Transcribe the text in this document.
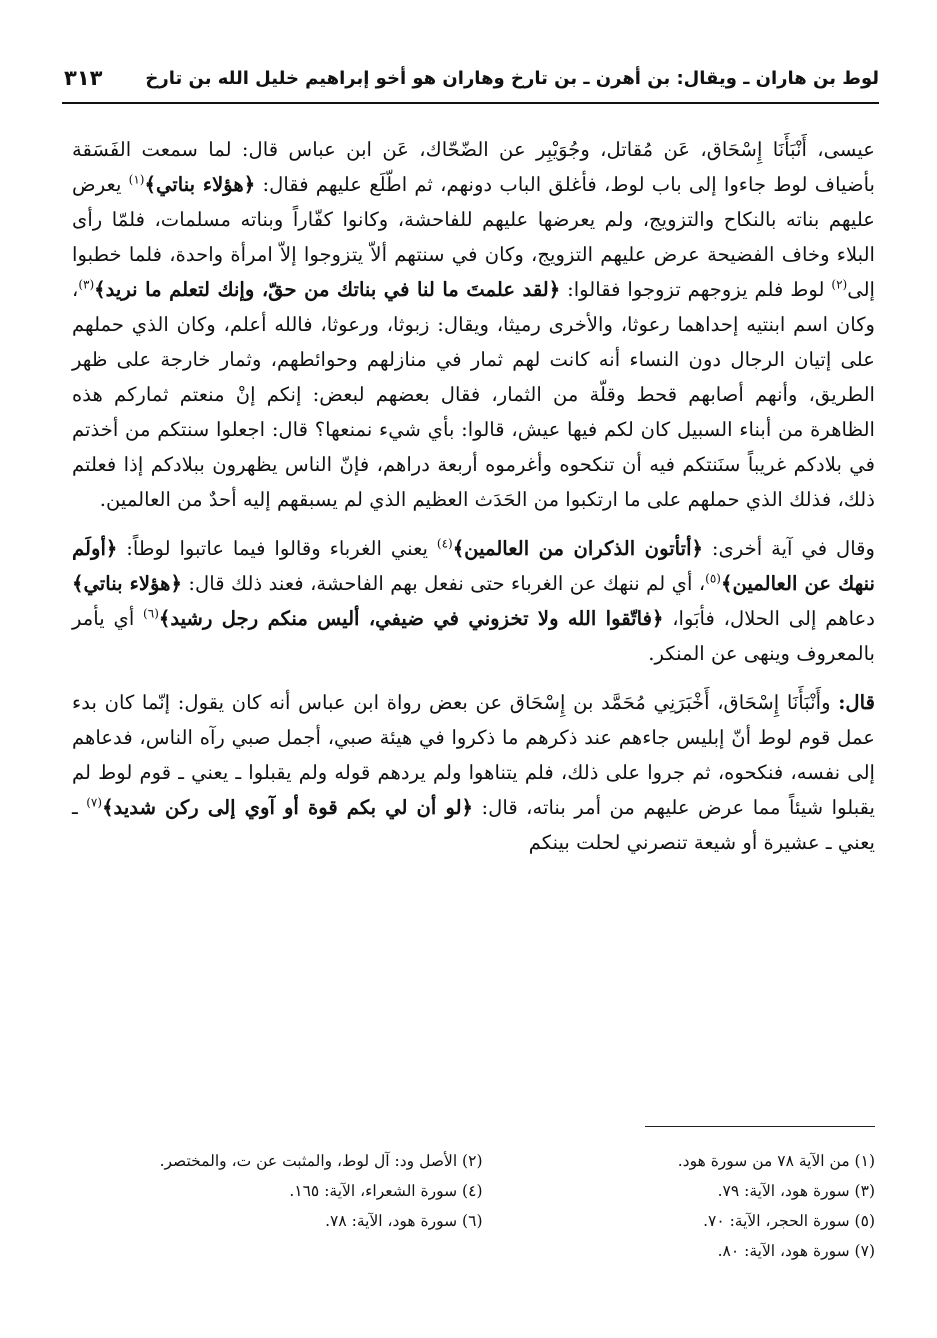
لوط بن هاران ـ ويقال: بن أهرن ـ بن تارخ وهاران هو أخو إبراهيم خليل الله بن تارخ
٣١٣

عيسى، أَنْبَأَنَا إِسْحَاق، عَن مُقاتل، وجُوَيْبِر عن الضّحّاك، عَن ابن عباس قال: لما سمعت الفَسَقة بأضياف لوط جاءوا إلى باب لوط، فأغلق الباب دونهم، ثم اطّلَع عليهم فقال: ﴿هؤلاء بناتي﴾$^{(١)}$ يعرض عليهم بناته بالنكاح والتزويج، ولم يعرضها عليهم للفاحشة، وكانوا كفّاراً وبناته مسلمات، فلمّا رأى البلاء وخاف الفضيحة عرض عليهم التزويج، وكان في سنتهم ألاّ يتزوجوا إلاّ امرأة واحدة، فلما خطبوا إلى$^{(٢)}$ لوط فلم يزوجهم تزوجوا فقالوا: ﴿لقد علمتَ ما لنا في بناتك من حقّ، وإنك لتعلم ما نريد﴾$^{(٣)}$، وكان اسم ابنتيه إحداهما رعوثا، والأخرى رميثا، ويقال: زبوثا، ورعوثا، فالله أعلم، وكان الذي حملهم على إتيان الرجال دون النساء أنه كانت لهم ثمار في منازلهم وحوائطهم، وثمار خارجة على ظهر الطريق، وأنهم أصابهم قحط وقلّة من الثمار، فقال بعضهم لبعض: إنكم إنْ منعتم ثماركم هذه الظاهرة من أبناء السبيل كان لكم فيها عيش، قالوا: بأي شيء نمنعها؟ قال: اجعلوا سنتكم من أخذتم في بلادكم غريباً سنَنتكم فيه أن تنكحوه وأغرموه أربعة دراهم، فإنّ الناس يظهرون ببلادكم إذا فعلتم ذلك، فذلك الذي حملهم على ما ارتكبوا من الحَدَث العظيم الذي لم يسبقهم إليه أحدٌ من العالمين.

وقال في آية أخرى: ﴿أتأتون الذكران من العالمين﴾$^{(٤)}$ يعني الغرباء وقالوا فيما عاتبوا لوطاً: ﴿أولَم ننهك عن العالمين﴾$^{(٥)}$، أي لم ننهك عن الغرباء حتى نفعل بهم الفاحشة، فعند ذلك قال: ﴿هؤلاء بناتي﴾ دعاهم إلى الحلال، فأبَوا، ﴿فاتّقوا الله ولا تخزوني في ضيفي، أليس منكم رجل رشيد﴾$^{(٦)}$ أي يأمر بالمعروف وينهى عن المنكر.

قال: وأَنْبَأَنَا إِسْحَاق، أَخْبَرَنِي مُحَمَّد بن إِسْحَاق عن بعض رواة ابن عباس أنه كان يقول: إنّما كان بدء عمل قوم لوط أنّ إبليس جاءهم عند ذكرهم ما ذكروا في هيئة صبي، أجمل صبي رآه الناس، فدعاهم إلى نفسه، فنكحوه، ثم جروا على ذلك، فلم يتناهوا ولم يردهم قوله ولم يقبلوا ـ يعني ـ قوم لوط لم يقبلوا شيئاً مما عرض عليهم من أمر بناته، قال: ﴿لو أن لي بكم قوة أو آوي إلى ركن شديد﴾$^{(٧)}$ ـ يعني ـ عشيرة أو شيعة تنصرني لحلت بينكم

(١) من الآية ٧٨ من سورة هود.
(٣) سورة هود، الآية: ٧٩.
(٥) سورة الحجر، الآية: ٧٠.
(٧) سورة هود، الآية: ٨٠.
(٢) الأصل ود: آل لوط، والمثبت عن ت، والمختصر.
(٤) سورة الشعراء، الآية: ١٦٥.
(٦) سورة هود، الآية: ٧٨.
